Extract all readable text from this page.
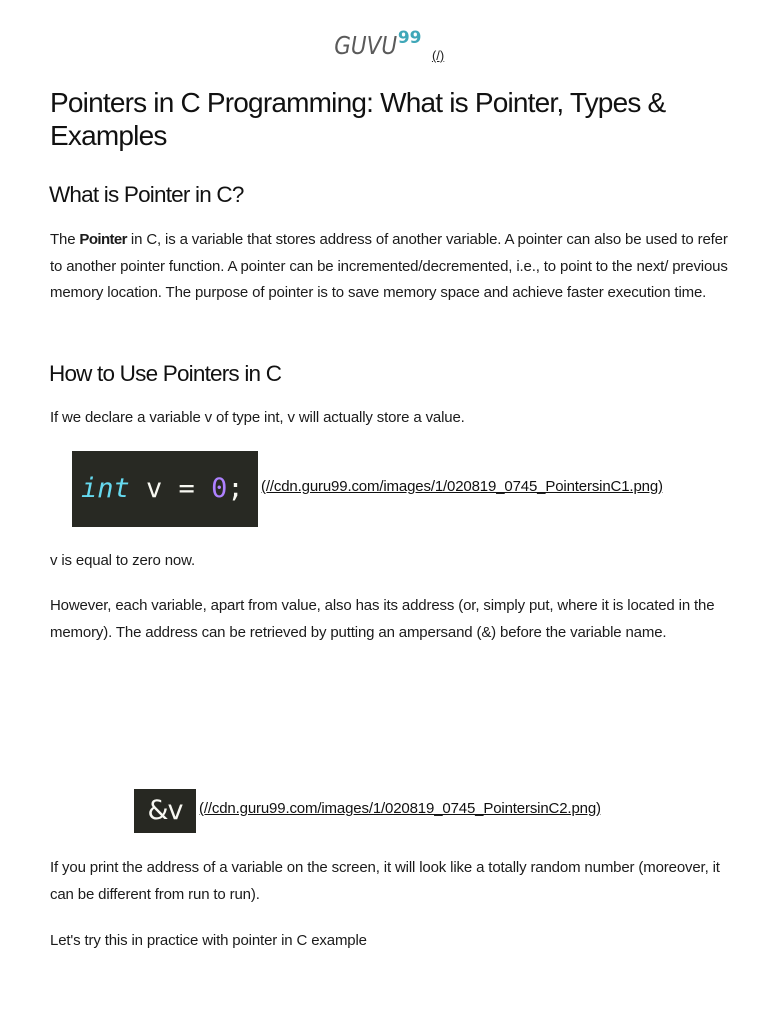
GUVU99 (/)
Pointers in C Programming: What is Pointer, Types & Examples
What is Pointer in C?

The Pointer in C, is a variable that stores address of another variable. A pointer can also be used to refer to another pointer function. A pointer can be incremented/decremented, i.e., to point to the next/ previous memory location. The purpose of pointer is to save memory space and achieve faster execution time.

How to Use Pointers in C

If we declare a variable v of type int, v will actually store a value.

int v = 0;	(//cdn.guru99.com/images/1/020819_0745_PointersinC1.png)

v is equal to zero now.

However, each variable, apart from value, also has its address (or, simply put, where it is located in the memory). The address can be retrieved by putting an ampersand (&) before the variable name.

&v	(//cdn.guru99.com/images/1/020819_0745_PointersinC2.png)

If you print the address of a variable on the screen, it will look like a totally random number (moreover, it can be different from run to run).

Let's try this in practice with pointer in C example
